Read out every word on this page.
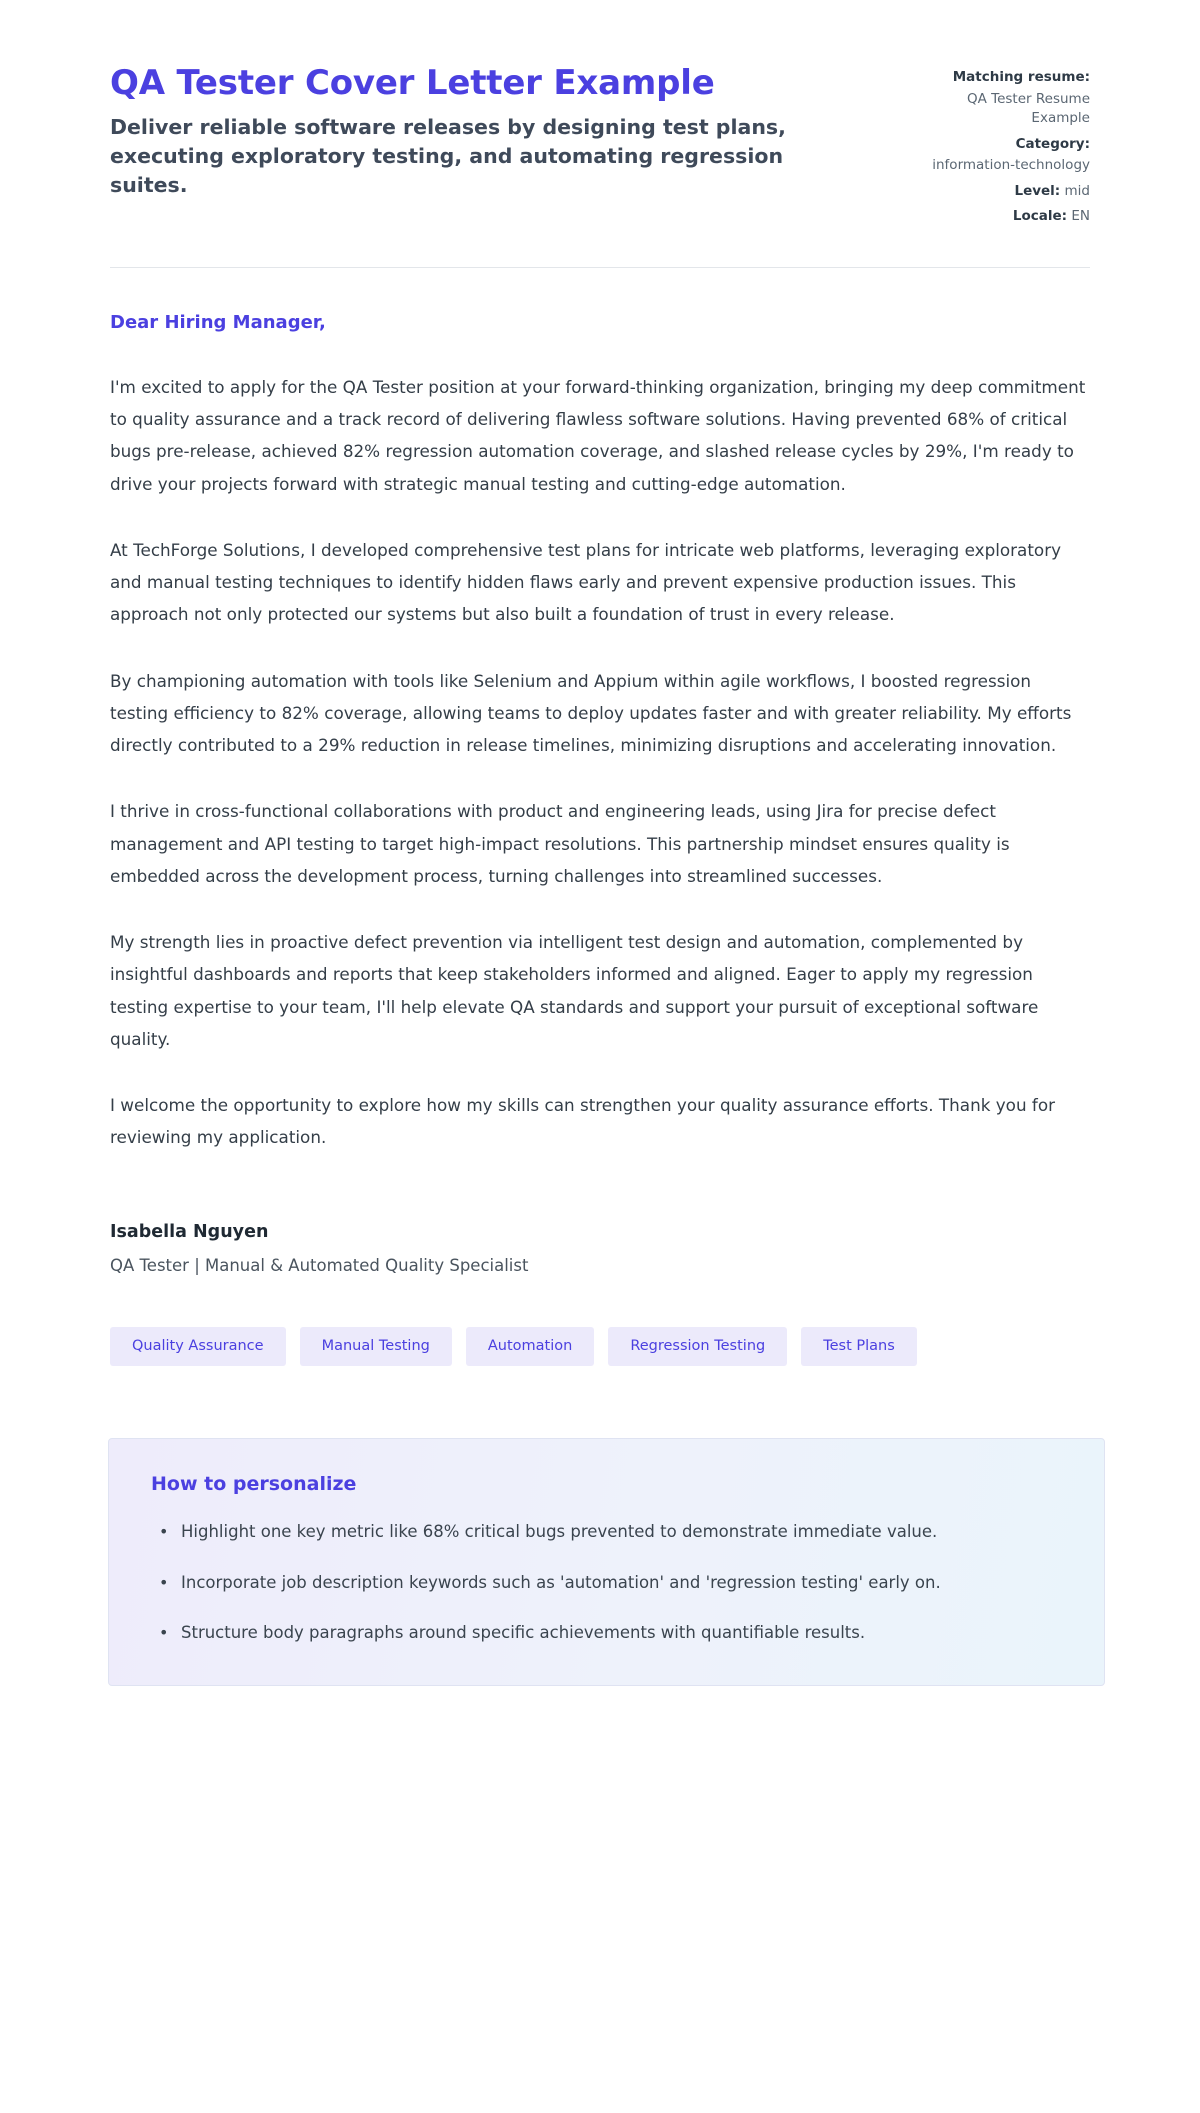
QA Tester Cover Letter Example

Deliver reliable software releases by designing test plans, executing exploratory testing, and automating regression suites.

Matching resume:
QA Tester Resume Example
Category:
information-technology
Level: mid
Locale: EN

Dear Hiring Manager,

I'm excited to apply for the QA Tester position at your forward-thinking organization, bringing my deep commitment to quality assurance and a track record of delivering flawless software solutions. Having prevented 68% of critical bugs pre-release, achieved 82% regression automation coverage, and slashed release cycles by 29%, I'm ready to drive your projects forward with strategic manual testing and cutting-edge automation.

At TechForge Solutions, I developed comprehensive test plans for intricate web platforms, leveraging exploratory and manual testing techniques to identify hidden flaws early and prevent expensive production issues. This approach not only protected our systems but also built a foundation of trust in every release.

By championing automation with tools like Selenium and Appium within agile workflows, I boosted regression testing efficiency to 82% coverage, allowing teams to deploy updates faster and with greater reliability. My efforts directly contributed to a 29% reduction in release timelines, minimizing disruptions and accelerating innovation.

I thrive in cross-functional collaborations with product and engineering leads, using Jira for precise defect management and API testing to target high-impact resolutions. This partnership mindset ensures quality is embedded across the development process, turning challenges into streamlined successes.

My strength lies in proactive defect prevention via intelligent test design and automation, complemented by insightful dashboards and reports that keep stakeholders informed and aligned. Eager to apply my regression testing expertise to your team, I'll help elevate QA standards and support your pursuit of exceptional software quality.

I welcome the opportunity to explore how my skills can strengthen your quality assurance efforts. Thank you for reviewing my application.

Isabella Nguyen

QA Tester | Manual & Automated Quality Specialist

Quality Assurance	Manual Testing	Automation	Regression Testing	Test Plans
How to personalize
• Highlight one key metric like 68% critical bugs prevented to demonstrate immediate value.
• Incorporate job description keywords such as 'automation' and 'regression testing' early on.
• Structure body paragraphs around specific achievements with quantifiable results.
